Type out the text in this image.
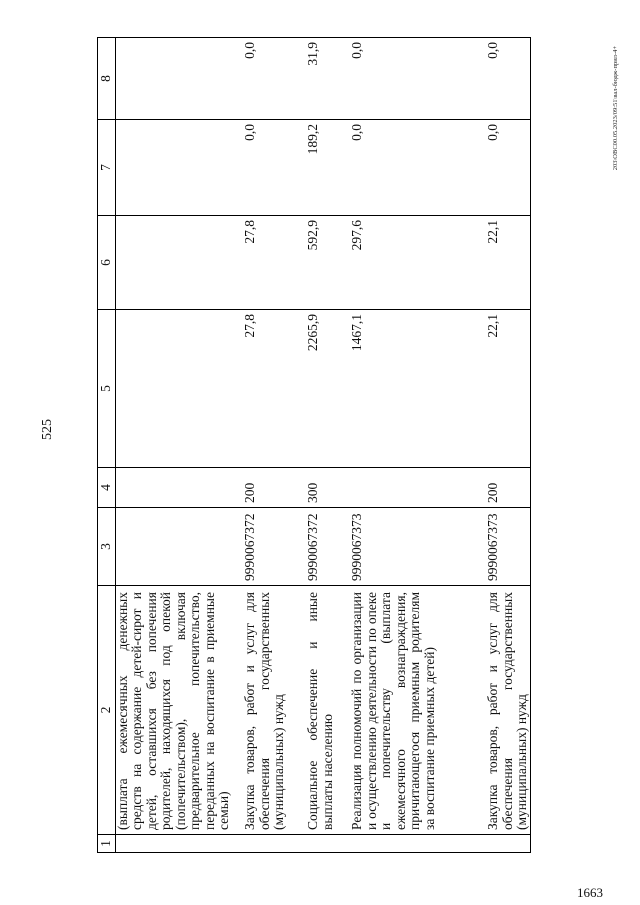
525
203\ОВС00.05.2023/09:51\вал-бюдж-прил-4+
1	2	3	4	5	6	7	8
	(выплата ежемесячных денежных средств на содержание детей-сирот и детей, оставшихся без попечения родителей, находящихся под опекой (попечительством), включая предварительное попечительство, переданных на воспитание в приемные семьи)						
	Закупка товаров, работ и услуг для обеспечения государственных (муниципальных) нужд	9990067372	200	27,8	27,8	0,0	0,0
	Социальное обеспечение и иные выплаты населению	9990067372	300	2265,9	592,9	189,2	31,9
	Реализация полномочий по организации и осуществлению деятельности по опеке и попечительству (выплата ежемесячного вознаграждения, причитающегося приемным родителям за воспитание приемных детей)	9990067373		1467,1	297,6	0,0	0,0
	Закупка товаров, работ и услуг для обеспечения государственных (муниципальных) нужд	9990067373	200	22,1	22,1	0,0	0,0
1663
